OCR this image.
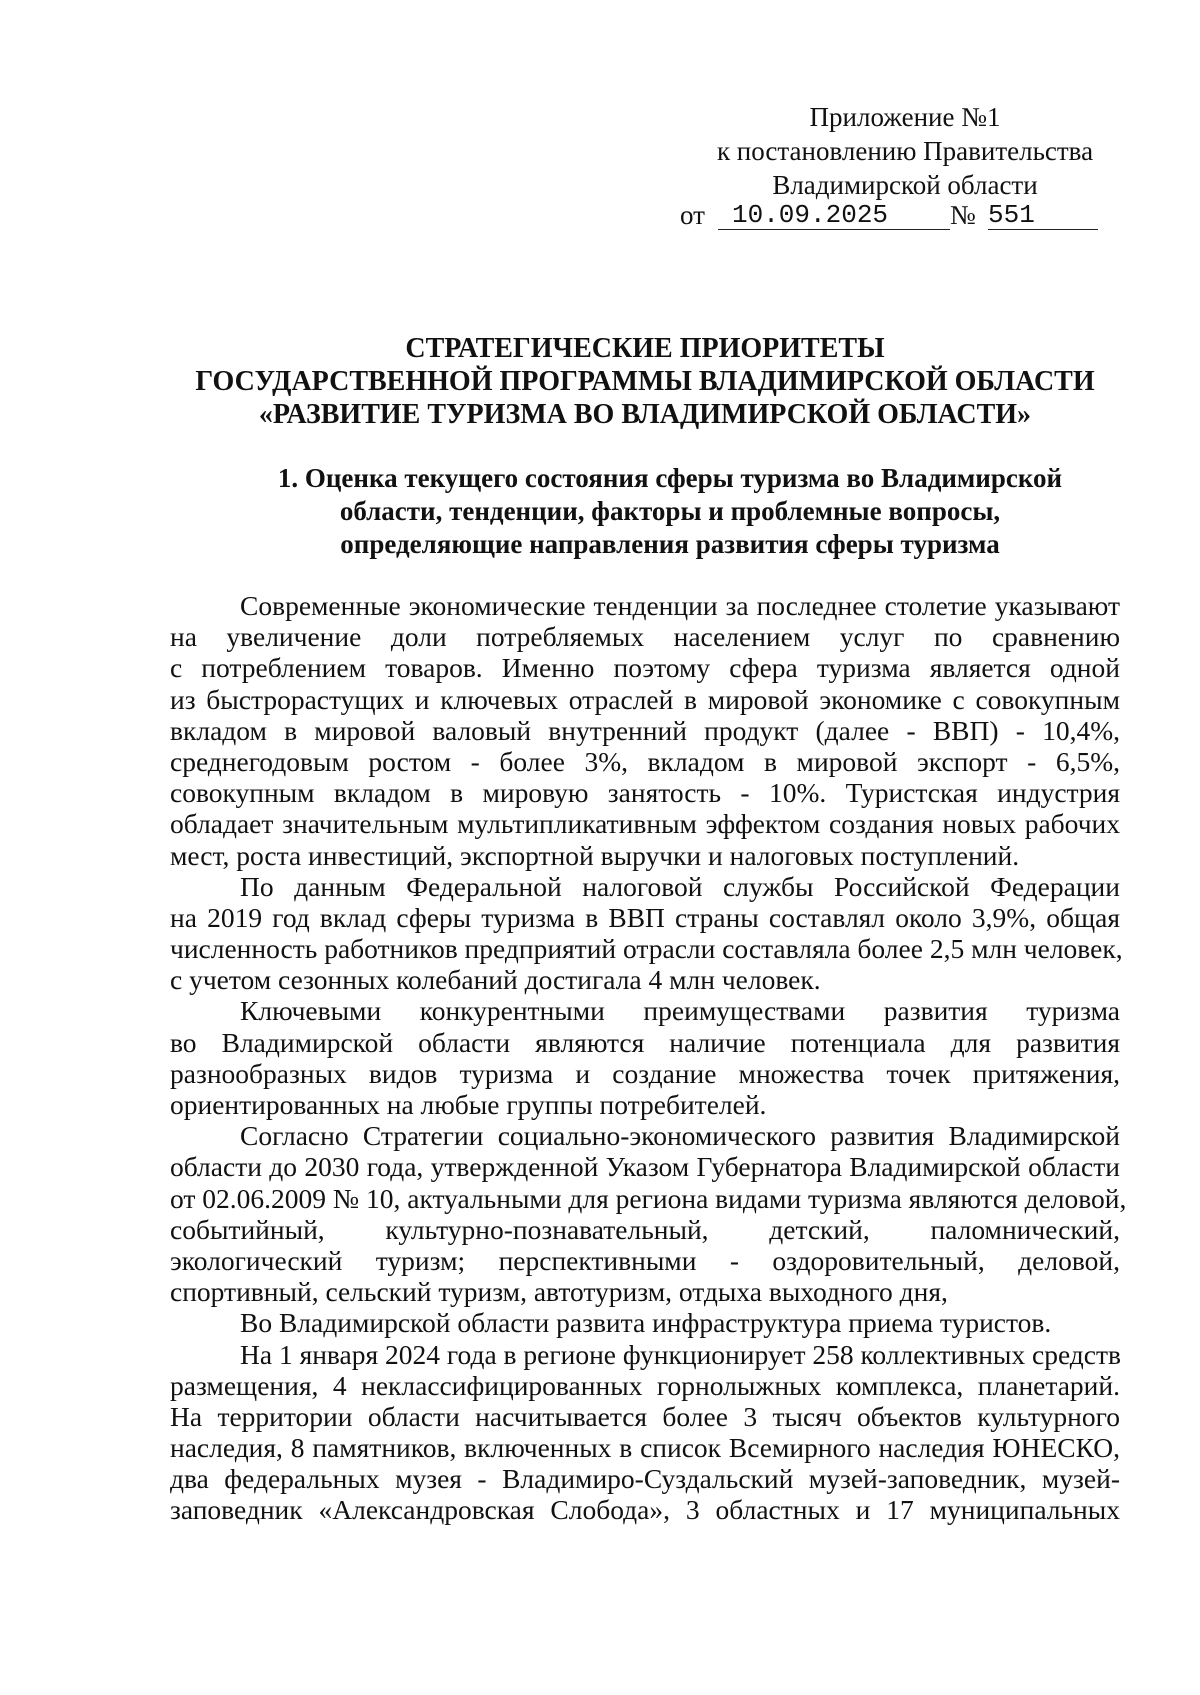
Приложение №1
к постановлению Правительства
Владимирской области
от	10.09.2025	№ 551
СТРАТЕГИЧЕСКИЕ ПРИОРИТЕТЫ
ГОСУДАРСТВЕННОЙ ПРОГРАММЫ ВЛАДИМИРСКОЙ ОБЛАСТИ
«РАЗВИТИЕ ТУРИЗМА ВО ВЛАДИМИРСКОЙ ОБЛАСТИ»
1. Оценка текущего состояния сферы туризма во Владимирской
области, тенденции, факторы и проблемные вопросы,
определяющие направления развития сферы туризма
Современные экономические тенденции за последнее столетие указывают
на увеличение доли потребляемых населением услуг по сравнению
с потреблением товаров. Именно поэтому сфера туризма является одной
из быстрорастущих и ключевых отраслей в мировой экономике с совокупным
вкладом в мировой валовый внутренний продукт (далее - ВВП) - 10,4%,
среднегодовым ростом - более 3%, вкладом в мировой экспорт - 6,5%,
совокупным вкладом в мировую занятость - 10%. Туристская индустрия
обладает значительным мультипликативным эффектом создания новых рабочих
мест, роста инвестиций, экспортной выручки и налоговых поступлений.
По данным Федеральной налоговой службы Российской Федерации
на 2019 год вклад сферы туризма в ВВП страны составлял около 3,9%, общая
численность работников предприятий отрасли составляла более 2,5 млн человек,
с учетом сезонных колебаний достигала 4 млн человек.
Ключевыми конкурентными преимуществами развития туризма
во Владимирской области являются наличие потенциала для развития
разнообразных видов туризма и создание множества точек притяжения,
ориентированных на любые группы потребителей.
Согласно Стратегии социально-экономического развития Владимирской
области до 2030 года, утвержденной Указом Губернатора Владимирской области
от 02.06.2009 № 10, актуальными для региона видами туризма являются деловой,
событийный, культурно-познавательный, детский, паломнический,
экологический туризм; перспективными - оздоровительный, деловой,
спортивный, сельский туризм, автотуризм, отдыха выходного дня,
Во Владимирской области развита инфраструктура приема туристов.
На 1 января 2024 года в регионе функционирует 258 коллективных средств
размещения, 4 неклассифицированных горнолыжных комплекса, планетарий.
На территории области насчитывается более 3 тысяч объектов культурного
наследия, 8 памятников, включенных в список Всемирного наследия ЮНЕСКО,
два федеральных музея - Владимиро-Суздальский музей-заповедник, музей-
заповедник «Александровская Слобода», 3 областных и 17 муниципальных
